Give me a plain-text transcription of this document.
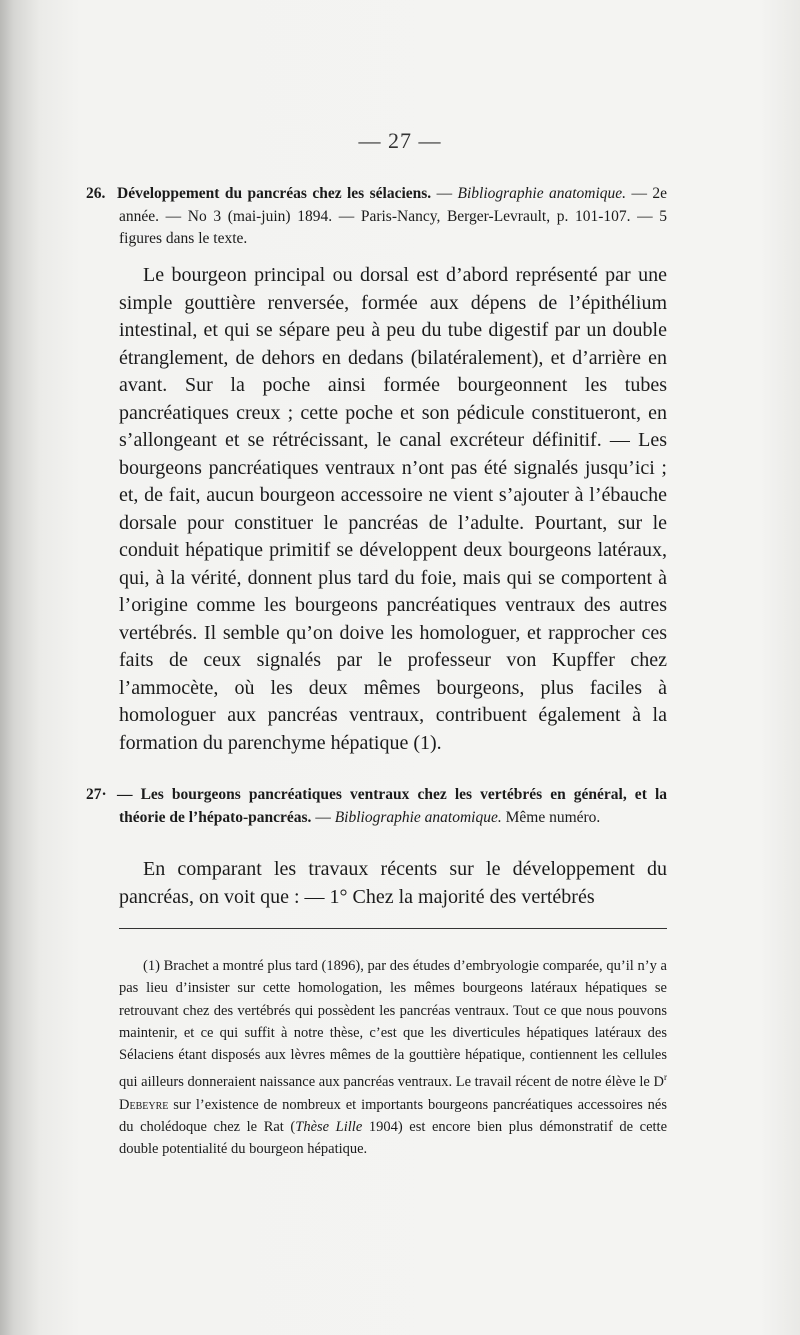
— 27 —
26. Développement du pancréas chez les sélaciens. — Bibliographie anatomique. — 2e année. — No 3 (mai-juin) 1894. — Paris-Nancy, Berger-Levrault, p. 101-107. — 5 figures dans le texte.
Le bourgeon principal ou dorsal est d’abord représenté par une simple gouttière renversée, formée aux dépens de l’épithélium intestinal, et qui se sépare peu à peu du tube digestif par un double étranglement, de dehors en dedans (bilatéralement), et d’arrière en avant. Sur la poche ainsi formée bourgeonnent les tubes pancréatiques creux ; cette poche et son pédicule constitueront, en s’allongeant et se rétrécissant, le canal excréteur définitif. — Les bourgeons pancréatiques ventraux n’ont pas été signalés jusqu’ici ; et, de fait, aucun bourgeon accessoire ne vient s’ajouter à l’ébauche dorsale pour constituer le pancréas de l’adulte. Pourtant, sur le conduit hépatique primitif se développent deux bourgeons latéraux, qui, à la vérité, donnent plus tard du foie, mais qui se comportent à l’origine comme les bourgeons pancréatiques ventraux des autres vertébrés. Il semble qu’on doive les homologuer, et rapprocher ces faits de ceux signalés par le professeur von Kupffer chez l’ammocète, où les deux mêmes bourgeons, plus faciles à homologuer aux pancréas ventraux, contribuent également à la formation du parenchyme hépatique (1).
27· — Les bourgeons pancréatiques ventraux chez les vertébrés en général, et la théorie de l’hépato-pancréas. — Bibliographie anatomique. Même numéro.
En comparant les travaux récents sur le développement du pancréas, on voit que : — 1° Chez la majorité des vertébrés
(1) Brachet a montré plus tard (1896), par des études d’embryologie comparée, qu’il n’y a pas lieu d’insister sur cette homologation, les mêmes bourgeons latéraux hépatiques se retrouvant chez des vertébrés qui possèdent les pancréas ventraux. Tout ce que nous pouvons maintenir, et ce qui suffit à notre thèse, c’est que les diverticules hépatiques latéraux des Sélaciens étant disposés aux lèvres mêmes de la gouttière hépatique, contiennent les cellules qui ailleurs donneraient naissance aux pancréas ventraux. Le travail récent de notre élève le $D^r$ Debeyre sur l’existence de nombreux et importants bourgeons pancréatiques accessoires nés du cholédoque chez le Rat (Thèse Lille 1904) est encore bien plus démonstratif de cette double potentialité du bourgeon hépatique.
